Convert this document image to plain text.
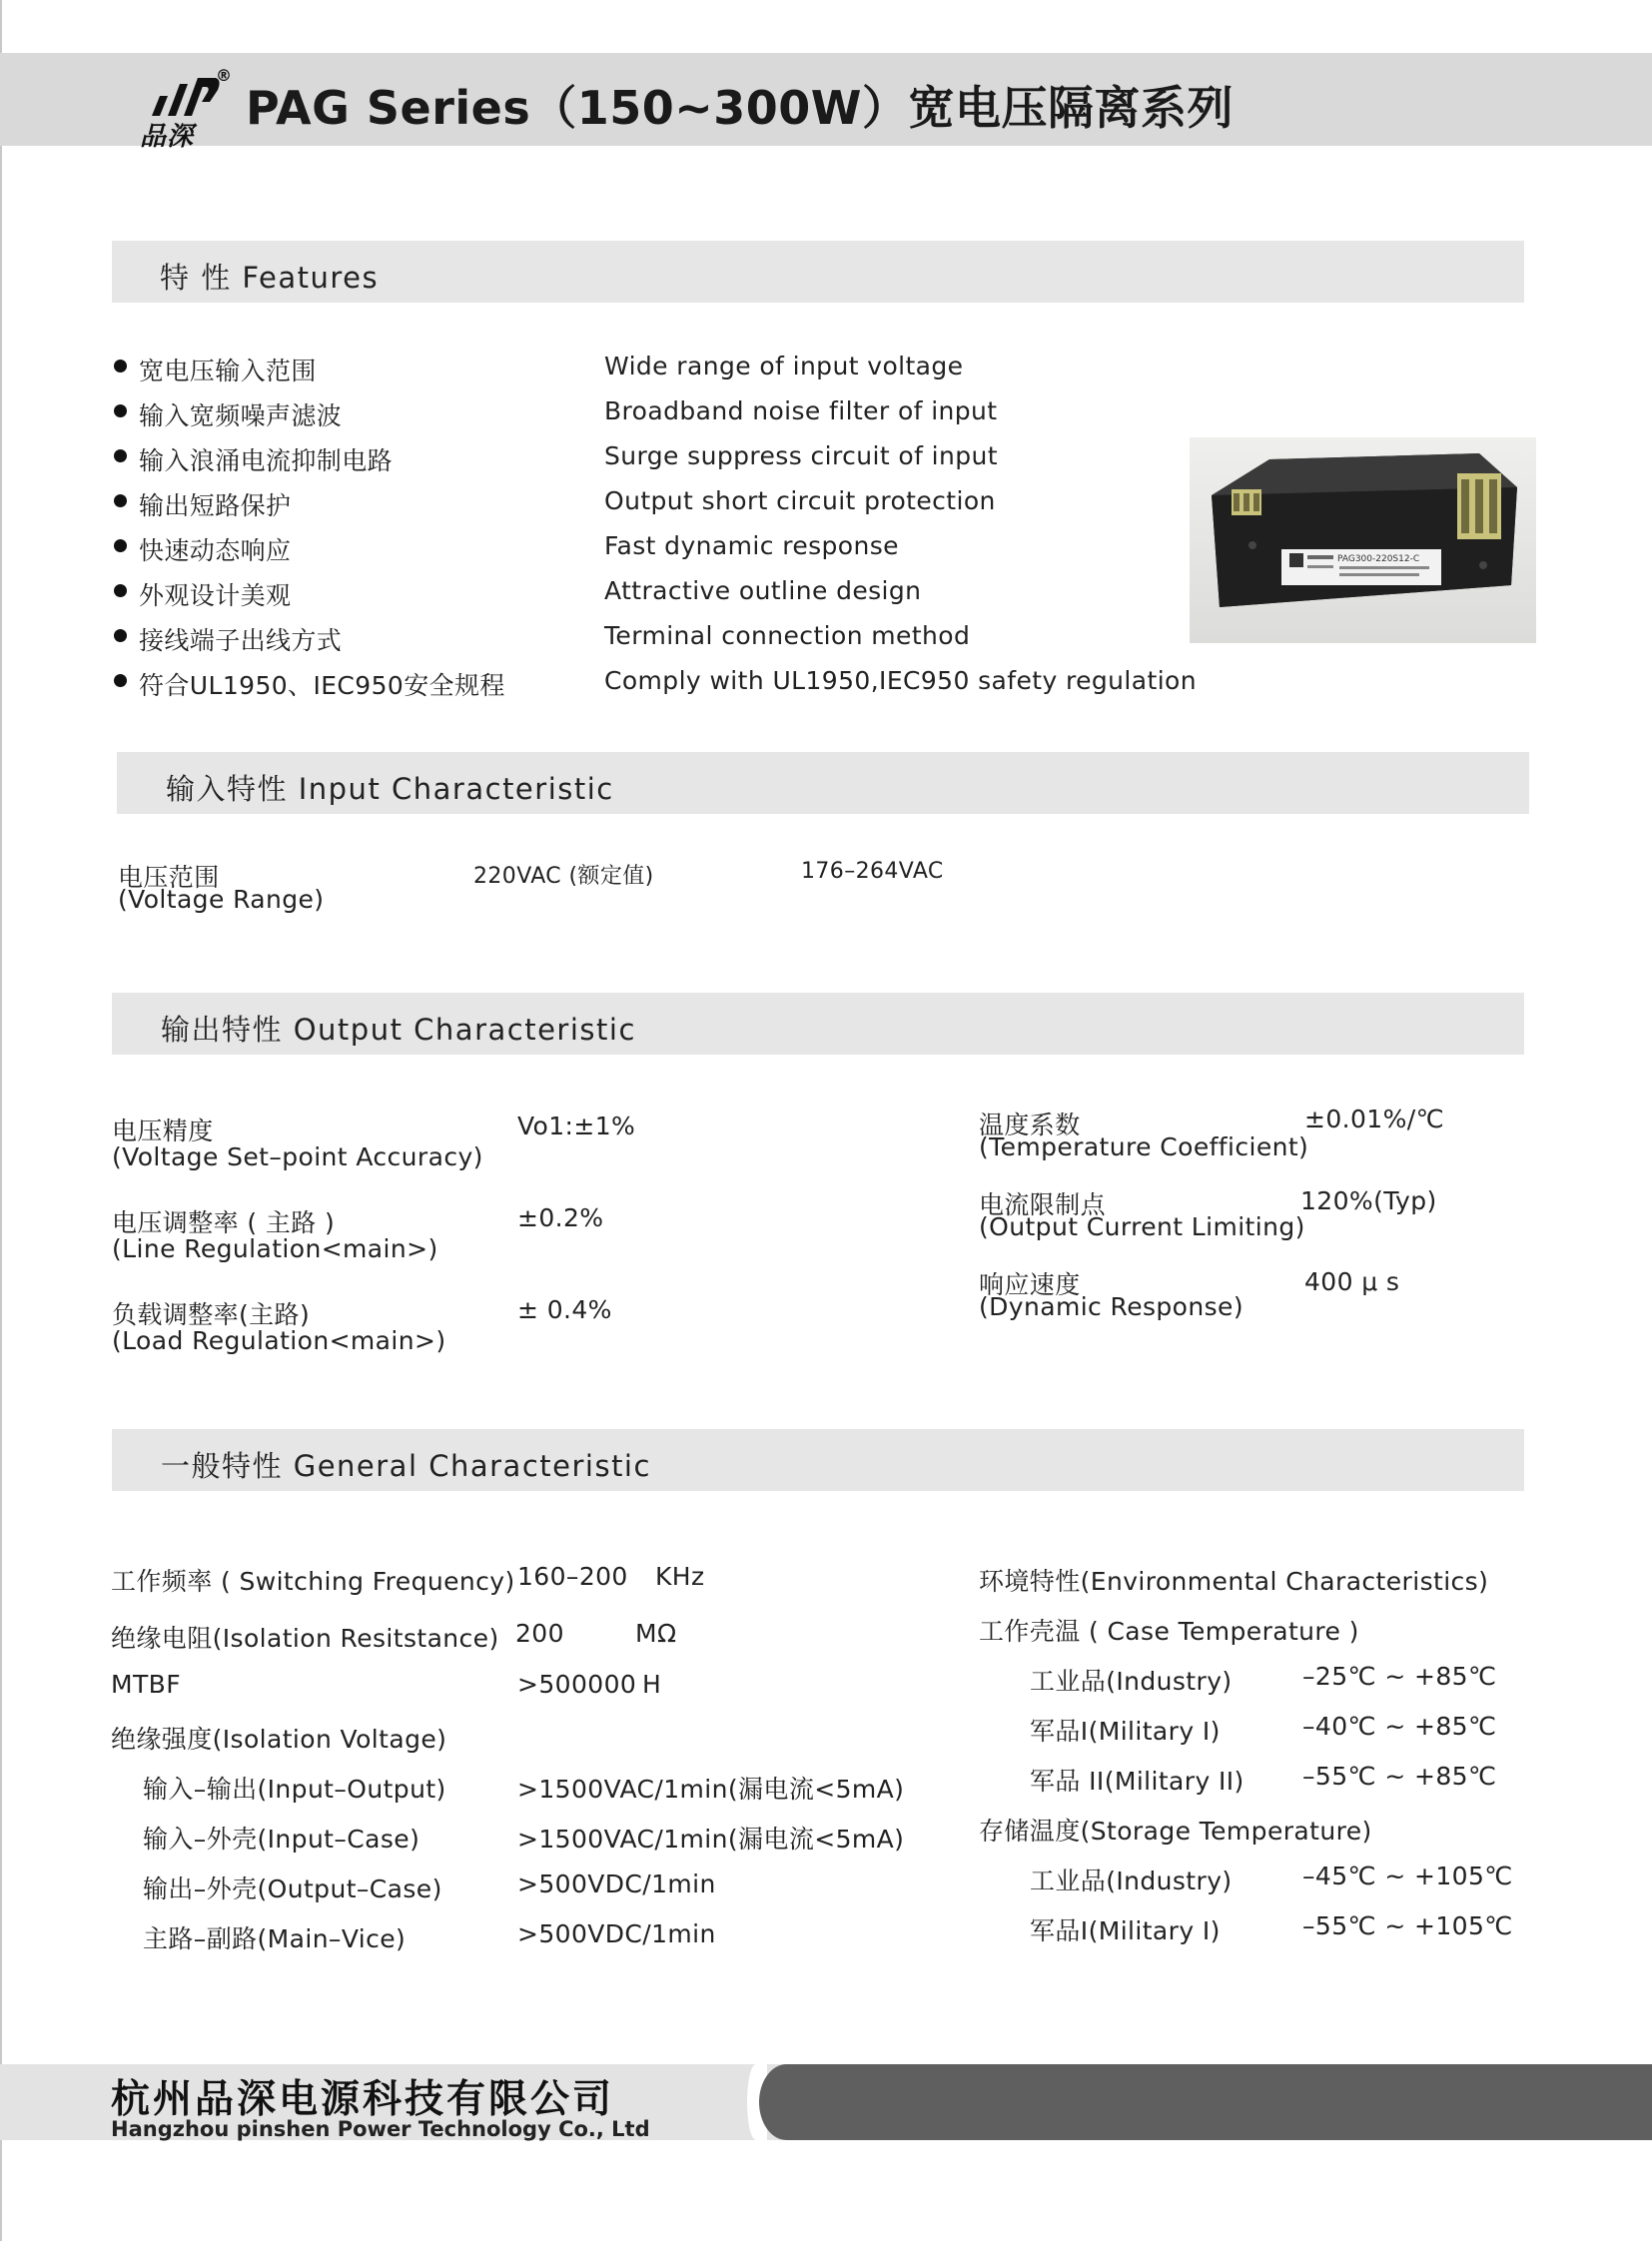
®
品深
PAG Series（150~300W）宽电压隔离系列
特 性 Features
宽电压输入范围	Wide range of input voltage
输入宽频噪声滤波	Broadband noise filter of input
输入浪涌电流抑制电路	Surge suppress circuit of input
输出短路保护	Output short circuit protection
快速动态响应	Fast dynamic response
外观设计美观	Attractive outline design
接线端子出线方式	Terminal connection method
符合UL1950、IEC950安全规程	Comply with UL1950,IEC950 safety regulation
PAG300-220S12-C
输入特性 Input Characteristic
电压范围
(Voltage Range)
220VAC (额定值)	176–264VAC
输出特性 Output Characteristic
电压精度
(Voltage Set–point Accuracy)
Vo1:±1%
电压调整率 ( 主路 )
(Line Regulation<main>)
±0.2%
负载调整率(主路)
(Load Regulation<main>)
± 0.4%
温度系数
(Temperature Coefficient)
±0.01%/℃
电流限制点
(Output Current Limiting)
120%(Typ)
响应速度
(Dynamic Response)
400 μ s
一般特性 General Characteristic
工作频率 ( Switching Frequency) 160–200 KHz
绝缘电阻(Isolation Resitstance) 200	MΩ
MTBF	>500000 H
绝缘强度(Isolation Voltage)
输入–输出(Input–Output)	>1500VAC/1min(漏电流<5mA)
输入–外壳(Input–Case)	>1500VAC/1min(漏电流<5mA)
输出–外壳(Output–Case)	>500VDC/1min
主路–副路(Main–Vice)	>500VDC/1min
环境特性(Environmental Characteristics)
工作壳温 ( Case Temperature )
工业品(Industry)	–25℃ ~ +85℃
军品I(Military I)	–40℃ ~ +85℃
军品 II(Military II) –55℃ ~ +85℃
存储温度(Storage Temperature)
工业品(Industry)	–45℃ ~ +105℃
军品I(Military I)	–55℃ ~ +105℃
杭州品深电源科技有限公司
Hangzhou pinshen Power Technology Co., Ltd
